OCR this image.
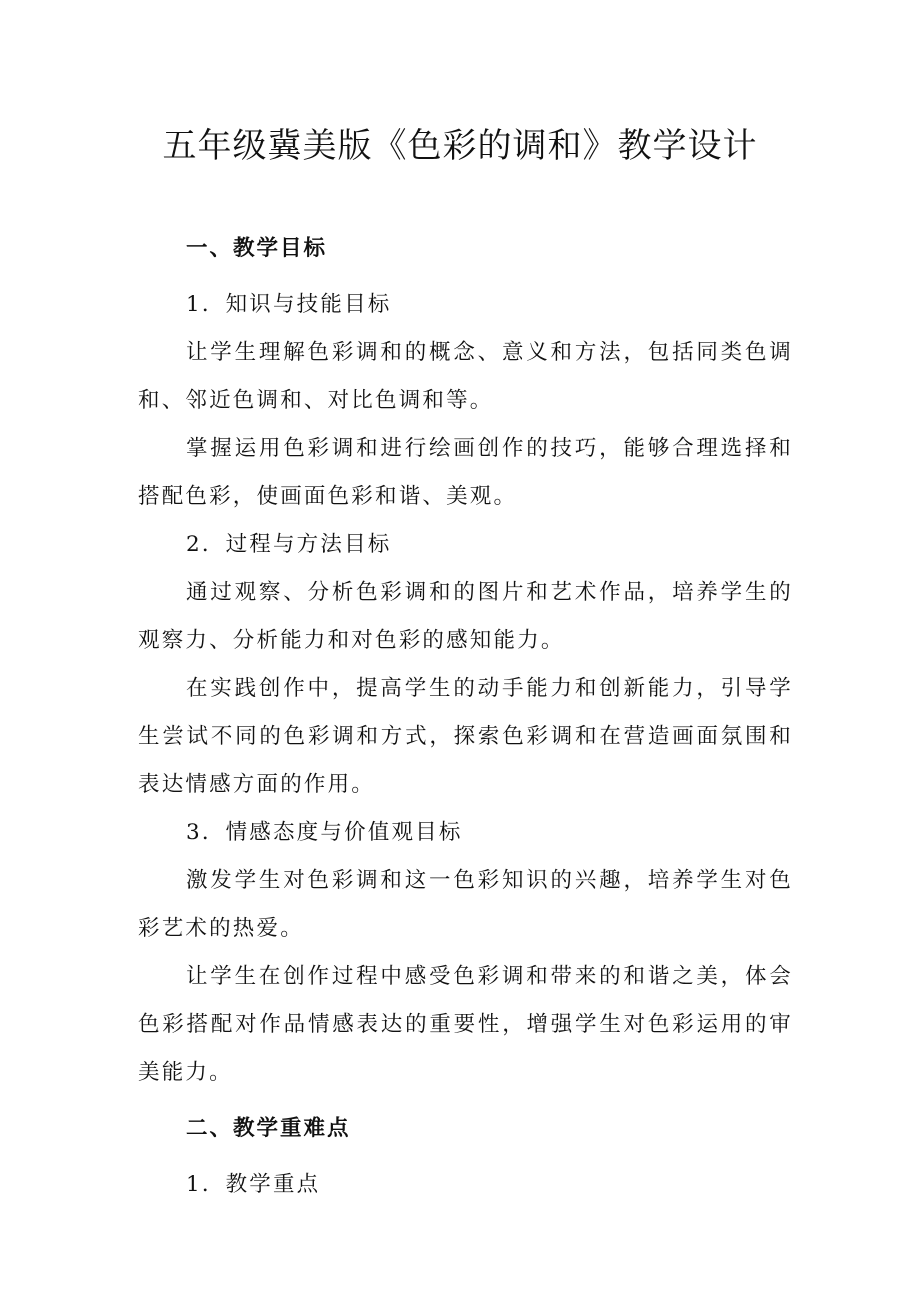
五年级冀美版《色彩的调和》教学设计

一、教学目标

1．知识与技能目标

让学生理解色彩调和的概念、意义和方法，包括同类色调和、邻近色调和、对比色调和等。

掌握运用色彩调和进行绘画创作的技巧，能够合理选择和搭配色彩，使画面色彩和谐、美观。

2．过程与方法目标

通过观察、分析色彩调和的图片和艺术作品，培养学生的观察力、分析能力和对色彩的感知能力。

在实践创作中，提高学生的动手能力和创新能力，引导学生尝试不同的色彩调和方式，探索色彩调和在营造画面氛围和表达情感方面的作用。

3．情感态度与价值观目标

激发学生对色彩调和这一色彩知识的兴趣，培养学生对色彩艺术的热爱。

让学生在创作过程中感受色彩调和带来的和谐之美，体会色彩搭配对作品情感表达的重要性，增强学生对色彩运用的审美能力。

二、教学重难点

1．教学重点
